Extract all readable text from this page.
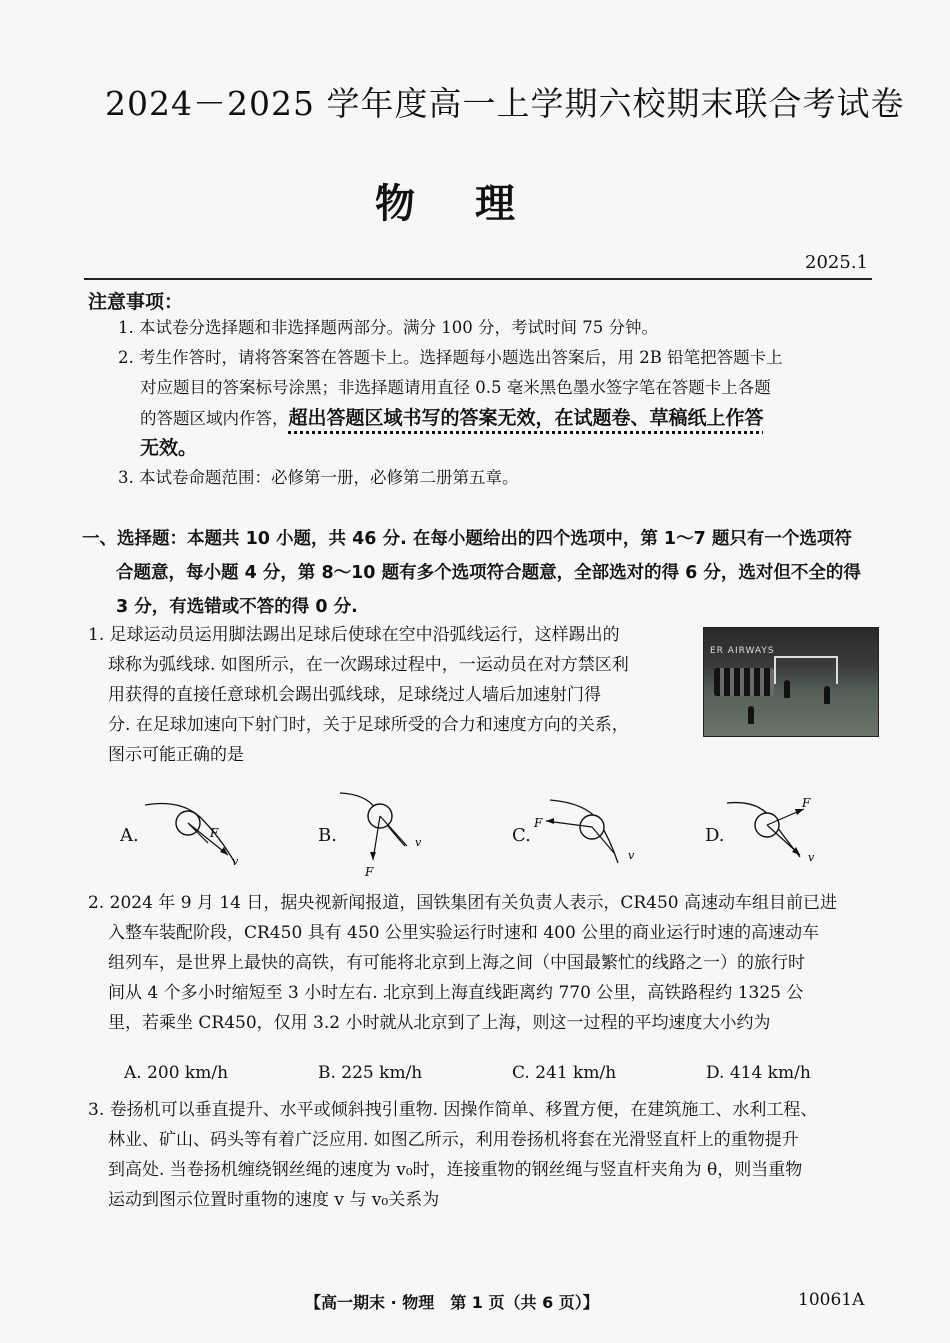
2024－2025 学年度高一上学期六校期末联合考试卷
物理
2025.1
注意事项：
1. 本试卷分选择题和非选择题两部分。满分 100 分，考试时间 75 分钟。
2. 考生作答时，请将答案答在答题卡上。选择题每小题选出答案后，用 2B 铅笔把答题卡上
对应题目的答案标号涂黑；非选择题请用直径 0.5 毫米黑色墨水签字笔在答题卡上各题
的答题区域内作答，超出答题区域书写的答案无效，在试题卷、草稿纸上作答
无效。
3. 本试卷命题范围：必修第一册，必修第二册第五章。
一、选择题：本题共 10 小题，共 46 分. 在每小题给出的四个选项中，第 1～7 题只有一个选项符
合题意，每小题 4 分，第 8～10 题有多个选项符合题意，全部选对的得 6 分，选对但不全的得
3 分，有选错或不答的得 0 分.
1. 足球运动员运用脚法踢出足球后使球在空中沿弧线运行，这样踢出的
球称为弧线球. 如图所示，在一次踢球过程中，一运动员在对方禁区利
用获得的直接任意球机会踢出弧线球，足球绕过人墙后加速射门得
分. 在足球加速向下射门时，关于足球所受的合力和速度方向的关系，
图示可能正确的是
ER AIRWAYS
A.	F
v
B.
F
v	C.
F
v
D.
F
v
2. 2024 年 9 月 14 日，据央视新闻报道，国铁集团有关负责人表示，CR450 高速动车组目前已进
入整车装配阶段，CR450 具有 450 公里实验运行时速和 400 公里的商业运行时速的高速动车
组列车，是世界上最快的高铁，有可能将北京到上海之间（中国最繁忙的线路之一）的旅行时
间从 4 个多小时缩短至 3 小时左右. 北京到上海直线距离约 770 公里，高铁路程约 1325 公
里，若乘坐 CR450，仅用 3.2 小时就从北京到了上海，则这一过程的平均速度大小约为
A. 200 km/h	B. 225 km/h	C. 241 km/h	D. 414 km/h
3. 卷扬机可以垂直提升、水平或倾斜拽引重物. 因操作简单、移置方便，在建筑施工、水利工程、
林业、矿山、码头等有着广泛应用. 如图乙所示，利用卷扬机将套在光滑竖直杆上的重物提升
到高处. 当卷扬机缠绕钢丝绳的速度为 v₀时，连接重物的钢丝绳与竖直杆夹角为 θ，则当重物
运动到图示位置时重物的速度 v 与 v₀关系为
【高一期末 · 物理　第 1 页（共 6 页）】	10061A
